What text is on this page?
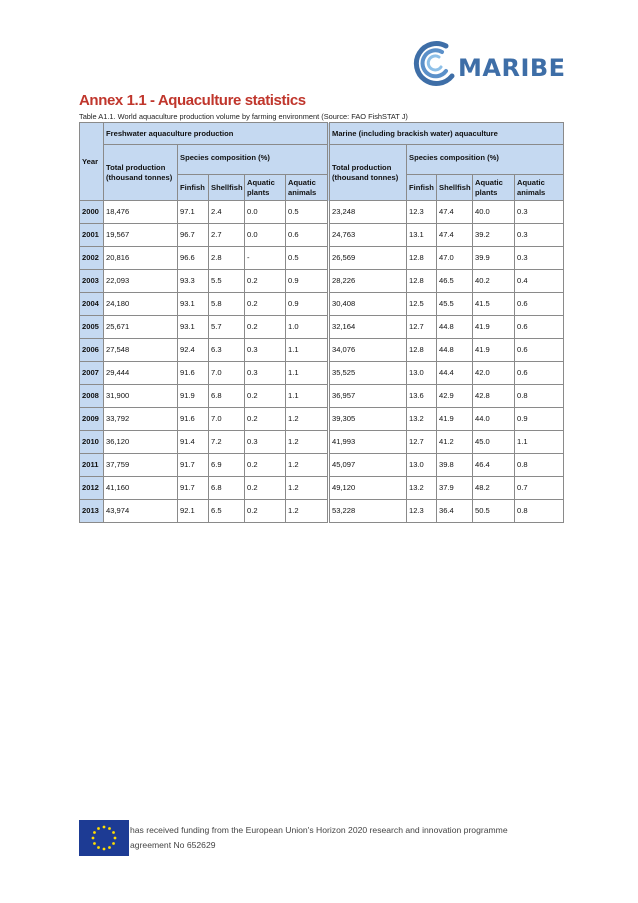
MARIBE
Annex 1.1 - Aquaculture statistics
Table A1.1. World aquaculture production volume by farming environment (Source: FAO FishSTAT J)
Year	Freshwater aquaculture production					Marine (including brackish water) aquaculture				
	Total production (thousand tonnes)	Species composition (%)				Total production (thousand tonnes)	Species composition (%)			
		Finfish	Shellfish	Aquatic plants	Aquatic animals		Finfish	Shellfish	Aquatic plants	Aquatic animals
2000	18,476	97.1	2.4	0.0	0.5	23,248	12.3	47.4	40.0	0.3
2001	19,567	96.7	2.7	0.0	0.6	24,763	13.1	47.4	39.2	0.3
2002	20,816	96.6	2.8	-	0.5	26,569	12.8	47.0	39.9	0.3
2003	22,093	93.3	5.5	0.2	0.9	28,226	12.8	46.5	40.2	0.4
2004	24,180	93.1	5.8	0.2	0.9	30,408	12.5	45.5	41.5	0.6
2005	25,671	93.1	5.7	0.2	1.0	32,164	12.7	44.8	41.9	0.6
2006	27,548	92.4	6.3	0.3	1.1	34,076	12.8	44.8	41.9	0.6
2007	29,444	91.6	7.0	0.3	1.1	35,525	13.0	44.4	42.0	0.6
2008	31,900	91.9	6.8	0.2	1.1	36,957	13.6	42.9	42.8	0.8
2009	33,792	91.6	7.0	0.2	1.2	39,305	13.2	41.9	44.0	0.9
2010	36,120	91.4	7.2	0.3	1.2	41,993	12.7	41.2	45.0	1.1
2011	37,759	91.7	6.9	0.2	1.2	45,097	13.0	39.8	46.4	0.8
2012	41,160	91.7	6.8	0.2	1.2	49,120	13.2	37.9	48.2	0.7
2013	43,974	92.1	6.5	0.2	1.2	53,228	12.3	36.4	50.5	0.8
has received funding from the European Union's Horizon 2020 research and innovation programme
agreement No 652629
